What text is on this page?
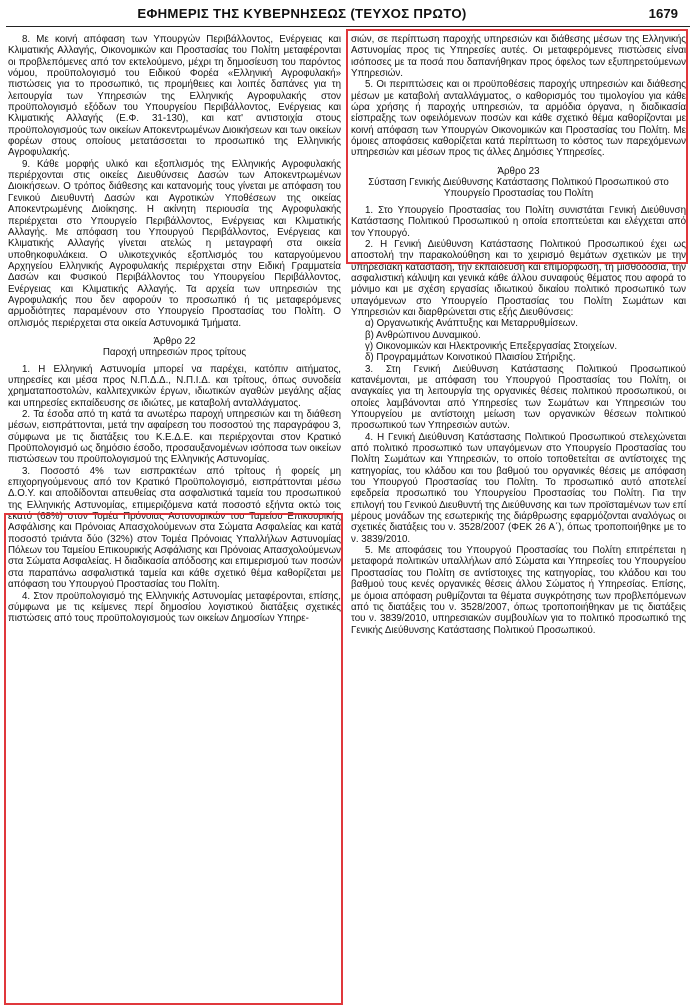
ΕΦΗΜΕΡΙΣ ΤΗΣ ΚΥΒΕΡΝΗΣΕΩΣ (ΤΕΥΧΟΣ ΠΡΩΤΟ)	1679

8. Με κοινή απόφαση των Υπουργών Περιβάλλοντος, Ενέργειας και Κλιματικής Αλλαγής, Οικονομικών και Προστασίας του Πολίτη μεταφέρονται οι προβλεπόμενες από τον εκτελούμενο, μέχρι τη δημοσίευση του παρόντος νόμου, προϋπολογισμό του Ειδικού Φορέα «Ελληνική Αγροφυλακή» πιστώσεις για το προσωπικό, τις προμήθειες και λοιπές δαπάνες για τη λειτουργία των Υπηρεσιών της Ελληνικής Αγροφυλακής στον προϋπολογισμό εξόδων του Υπουργείου Περιβάλλοντος, Ενέργειας και Κλιματικής Αλλαγής (Ε.Φ. 31-130), και κατ' αντιστοιχία στους προϋπολογισμούς των οικείων Αποκεντρωμένων Διοικήσεων και των οικείων φορέων στους οποίους μετατάσσεται το προσωπικό της Ελληνικής Αγροφυλακής.

9. Κάθε μορφής υλικό και εξοπλισμός της Ελληνικής Αγροφυλακής περιέρχονται στις οικείες Διευθύνσεις Δασών των Αποκεντρωμένων Διοικήσεων. Ο τρόπος διάθεσης και κατανομής τους γίνεται με απόφαση του Γενικού Διευθυντή Δασών και Αγροτικών Υποθέσεων της οικείας Αποκεντρωμένης Διοίκησης. Η ακίνητη περιουσία της Αγροφυλακής περιέρχεται στο Υπουργείο Περιβάλλοντος, Ενέργειας και Κλιματικής Αλλαγής. Με απόφαση του Υπουργού Περιβάλλοντος, Ενέργειας και Κλιματικής Αλλαγής γίνεται ατελώς η μεταγραφή στα οικεία υποθηκοφυλάκεια. Ο υλικοτεχνικός εξοπλισμός του καταργούμενου Αρχηγείου Ελληνικής Αγροφυλακής περιέρχεται στην Ειδική Γραμματεία Δασών και Φυσικού Περιβάλλοντος του Υπουργείου Περιβάλλοντος, Ενέργειας και Κλιματικής Αλλαγής. Τα αρχεία των υπηρεσιών της Αγροφυλακής που δεν αφορούν το προσωπικό ή τις μεταφερόμενες αρμοδιότητες παραμένουν στο Υπουργείο Προστασίας του Πολίτη. Ο οπλισμός περιέρχεται στα οικεία Αστυνομικά Τμήματα.

Άρθρο 22

Παροχή υπηρεσιών προς τρίτους

1. Η Ελληνική Αστυνομία μπορεί να παρέχει, κατόπιν αιτήματος, υπηρεσίες και μέσα προς Ν.Π.Δ.Δ., Ν.Π.Ι.Δ. και τρίτους, όπως συνοδεία χρηματαποστολών, καλλιτεχνικών έργων, ιδιωτικών αγαθών μεγάλης αξίας και υπηρεσίες εκπαίδευσης σε ιδιώτες, με καταβολή ανταλλάγματος.

2. Τα έσοδα από τη κατά τα ανωτέρω παροχή υπηρεσιών και τη διάθεση μέσων, εισπράττονται, μετά την αφαίρεση του ποσοστού της παραγράφου 3, σύμφωνα με τις διατάξεις του Κ.Ε.Δ.Ε. και περιέρχονται στον Κρατικό Προϋπολογισμό ως δημόσιο έσοδο, προσαυξανομένων ισόποσα των οικείων πιστώσεων του προϋπολογισμού της Ελληνικής Αστυνομίας.

3. Ποσοστό 4% των εισπρακτέων από τρίτους ή φορείς μη επιχορηγούμενους από τον Κρατικό Προϋπολογισμό, εισπράττονται μέσω Δ.Ο.Υ. και αποδίδονται απευθείας στα ασφαλιστικά ταμεία του προσωπικού της Ελληνικής Αστυνομίας, επιμεριζόμενα κατά ποσοστό εξήντα οκτώ τοις εκατό (68%) στον Τομέα Πρόνοιας Αστυνομικών του Ταμείου Επικουρικής Ασφάλισης και Πρόνοιας Απασχολούμενων στα Σώματα Ασφαλείας και κατά ποσοστό τριάντα δύο (32%) στον Τομέα Πρόνοιας Υπαλλήλων Αστυνομίας Πόλεων του Ταμείου Επικουρικής Ασφάλισης και Πρόνοιας Απασχολούμενων στα Σώματα Ασφαλείας. Η διαδικασία απόδοσης και επιμερισμού των ποσών στα παραπάνω ασφαλιστικά ταμεία και κάθε σχετικό θέμα καθορίζεται με απόφαση του Υπουργού Προστασίας του Πολίτη.

4. Στον προϋπολογισμό της Ελληνικής Αστυνομίας μεταφέρονται, επίσης, σύμφωνα με τις κείμενες περί δημοσίου λογιστικού διατάξεις σχετικές πιστώσεις από τους προϋπολογισμούς των οικείων Δημοσίων Υπηρε-

σιών, σε περίπτωση παροχής υπηρεσιών και διάθεσης μέσων της Ελληνικής Αστυνομίας προς τις Υπηρεσίες αυτές. Οι μεταφερόμενες πιστώσεις είναι ισόποσες με τα ποσά που δαπανήθηκαν προς όφελος των εξυπηρετούμενων Υπηρεσιών.

5. Οι περιπτώσεις και οι προϋποθέσεις παροχής υπηρεσιών και διάθεσης μέσων με καταβολή ανταλλάγματος, ο καθορισμός του τιμολογίου για κάθε ώρα χρήσης ή παροχής υπηρεσιών, τα αρμόδια όργανα, η διαδικασία είσπραξης των οφειλόμενων ποσών και κάθε σχετικό θέμα καθορίζονται με κοινή απόφαση των Υπουργών Οικονομικών και Προστασίας του Πολίτη. Με όμοιες αποφάσεις καθορίζεται κατά περίπτωση το κόστος των παρεχόμενων υπηρεσιών και μέσων προς τις άλλες Δημόσιες Υπηρεσίες.

Άρθρο 23

Σύσταση Γενικής Διεύθυνσης Κατάστασης Πολιτικού Προσωπικού στο Υπουργείο Προστασίας του Πολίτη

1. Στο Υπουργείο Προστασίας του Πολίτη συνιστάται Γενική Διεύθυνση Κατάστασης Πολιτικού Προσωπικού η οποία εποπτεύεται και ελέγχεται από τον Υπουργό.

2. Η Γενική Διεύθυνση Κατάστασης Πολιτικού Προσωπικού έχει ως αποστολή την παρακολούθηση και το χειρισμό θεμάτων σχετικών με την υπηρεσιακή κατάσταση, την εκπαίδευση και επιμόρφωση, τη μισθοδοσία, την ασφαλιστική κάλυψη και γενικά κάθε άλλου συναφούς θέματος που αφορά το μόνιμο και με σχέση εργασίας ιδιωτικού δικαίου πολιτικό προσωπικό των υπαγόμενων στο Υπουργείο Προστασίας του Πολίτη Σωμάτων και Υπηρεσιών και διαρθρώνεται στις εξής Διευθύνσεις:

α) Οργανωτικής Ανάπτυξης και Μεταρρυθμίσεων.

β) Ανθρώπινου Δυναμικού.

γ) Οικονομικών και Ηλεκτρονικής Επεξεργασίας Στοιχείων.

δ) Προγραμμάτων Κοινοτικού Πλαισίου Στήριξης.

3. Στη Γενική Διεύθυνση Κατάστασης Πολιτικού Προσωπικού κατανέμονται, με απόφαση του Υπουργού Προστασίας του Πολίτη, οι αναγκαίες για τη λειτουργία της οργανικές θέσεις πολιτικού προσωπικού, οι οποίες λαμβάνονται από Υπηρεσίες των Σωμάτων και Υπηρεσιών του Υπουργείου με αντίστοιχη μείωση των οργανικών θέσεων πολιτικού προσωπικού των Υπηρεσιών αυτών.

4. Η Γενική Διεύθυνση Κατάστασης Πολιτικού Προσωπικού στελεχώνεται από πολιτικό προσωπικό των υπαγόμενων στο Υπουργείο Προστασίας του Πολίτη Σωμάτων και Υπηρεσιών, το οποίο τοποθετείται σε αντίστοιχες της κατηγορίας, του κλάδου και του βαθμού του οργανικές θέσεις με απόφαση του Υπουργού Προστασίας του Πολίτη. Το προσωπικό αυτό αποτελεί εφεδρεία προσωπικό του Υπουργείου Προστασίας του Πολίτη. Για την επιλογή του Γενικού Διευθυντή της Διεύθυνσης και των προϊσταμένων των επί μέρους μονάδων της εσωτερικής της διάρθρωσης εφαρμόζονται αναλόγως οι σχετικές διατάξεις του ν. 3528/2007 (ΦΕΚ 26 Α΄), όπως τροποποιήθηκε με το ν. 3839/2010.

5. Με αποφάσεις του Υπουργού Προστασίας του Πολίτη επιτρέπεται η μεταφορά πολιτικών υπαλλήλων από Σώματα και Υπηρεσίες του Υπουργείου Προστασίας του Πολίτη σε αντίστοιχες της κατηγορίας, του κλάδου και του βαθμού τους κενές οργανικές θέσεις άλλου Σώματος ή Υπηρεσίας. Επίσης, με όμοια απόφαση ρυθμίζονται τα θέματα συγκρότησης των προβλεπόμενων από τις διατάξεις του ν. 3528/2007, όπως τροποποιήθηκαν με τις διατάξεις του ν. 3839/2010, υπηρεσιακών συμβουλίων για το πολιτικό προσωπικό της Γενικής Διεύθυνσης Κατάστασης Πολιτικού Προσωπικού.
